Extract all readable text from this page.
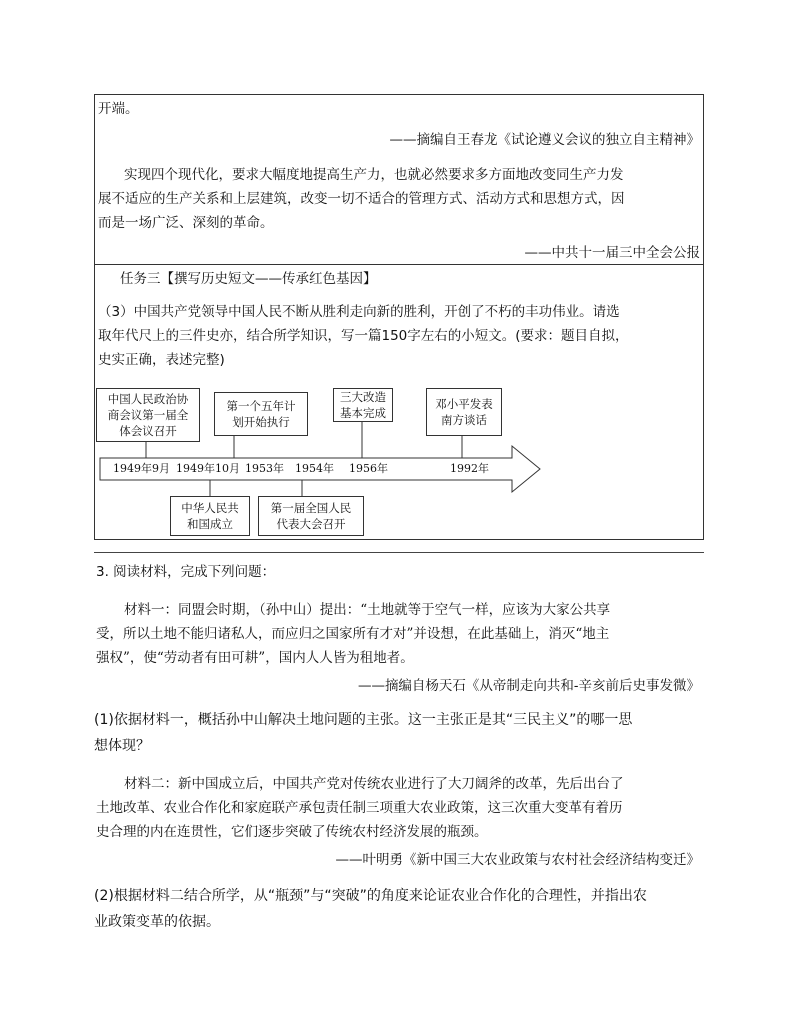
开端。
——摘编自王春龙《试论遵义会议的独立自主精神》
实现四个现代化，要求大幅度地提高生产力，也就必然要求多方面地改变同生产力发
展不适应的生产关系和上层建筑，改变一切不适合的管理方式、活动方式和思想方式，因
而是一场广泛、深刻的革命。
——中共十一届三中全会公报
任务三【撰写历史短文——传承红色基因】
（3）中国共产党领导中国人民不断从胜利走向新的胜利，开创了不朽的丰功伟业。请选
取年代尺上的三件史亦，结合所学知识，写一篇150字左右的小短文。(要求：题目自拟，
史实正确，表述完整)
中国人民政治协
商会议第一届全
体会议召开
第一个五年计
划开始执行
三大改造
基本完成
邓小平发表
南方谈话
1949年9月 1949年10月 1953年 1954年 1956年	1992年
中华人民共
和国成立
第一届全国人民
代表大会召开
3. 阅读材料，完成下列问题：
材料一：同盟会时期，（孙中山）提出：“土地就等于空气一样，应该为大家公共享
受，所以土地不能归诸私人，而应归之国家所有才对”并设想，在此基础上，消灭“地主
强权”，使“劳动者有田可耕”，国内人人皆为租地者。
——摘编自杨天石《从帝制走向共和-辛亥前后史事发微》
(1)依据材料一，概括孙中山解决土地问题的主张。这一主张正是其“三民主义”的哪一思
想体现？
材料二：新中国成立后，中国共产党对传统农业进行了大刀阔斧的改革，先后出台了
土地改革、农业合作化和家庭联产承包责任制三项重大农业政策，这三次重大变革有着历
史合理的内在连贯性，它们逐步突破了传统农村经济发展的瓶颈。
——叶明勇《新中国三大农业政策与农村社会经济结构变迁》
(2)根据材料二结合所学，从“瓶颈”与“突破”的角度来论证农业合作化的合理性，并指出农
业政策变革的依据。
